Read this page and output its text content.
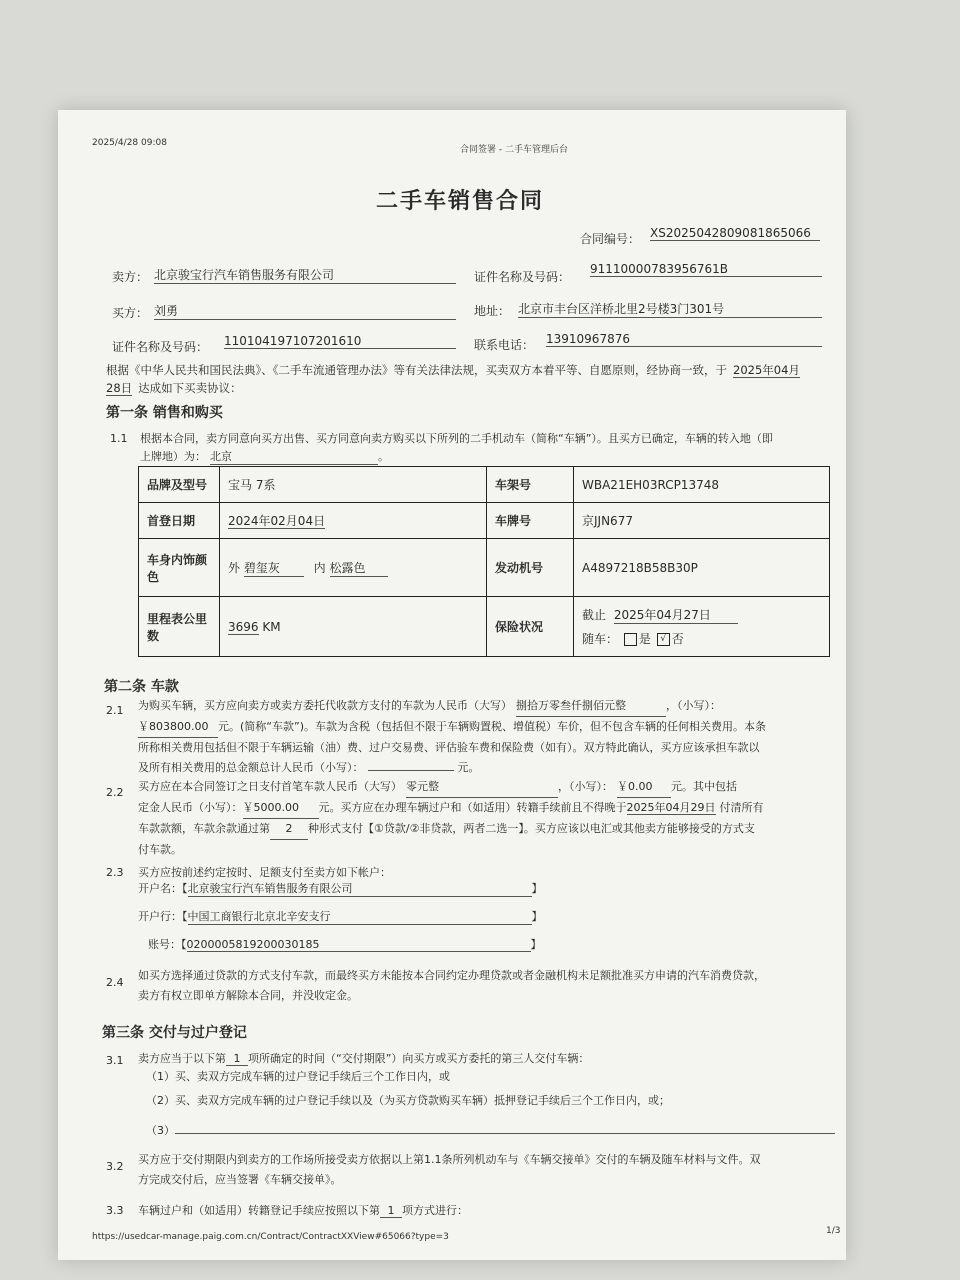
2025/4/28 09:08
合同签署 - 二手车管理后台
二手车销售合同
合同编号： XS2025042809081865066
卖方： 北京骏宝行汽车销售服务有限公司	证件名称及号码：
91110000783956761B
买方： 刘勇	地址： 北京市丰台区洋桥北里2号楼3门301号
证件名称及号码： 110104197107201610	联系电话： 13910967876
根据《中华人民共和国民法典》、《二手车流通管理办法》等有关法律法规，买卖双方本着平等、自愿原则，经协商一致，于 2025年04月
28日 达成如下买卖协议：
第一条 销售和购买
1.1 根据本合同，卖方同意向买方出售、买方同意向卖方购买以下所列的二手机动车（简称“车辆”）。且买方已确定，车辆的转入地（即
上牌地）为： 北京	。
品牌及型号	宝马 7系	车架号	WBA21EH03RCP13748
首登日期	2024年02月04日	车牌号	京JJN677
车身内饰颜色	外 碧玺灰 内 松露色	发动机号	A4897218B58B30P
里程表公里数	3696 KM	保险状况	截止 2025年04月27日
随车： 是 √ 否
第二条 车款
2.1 为购买车辆，买方应向卖方或卖方委托代收款方支付的车款为人民币（大写） 捌拾万零叁仟捌佰元整	，（小写）：
￥803800.00 元。(简称“车款”)。车款为含税（包括但不限于车辆购置税、增值税）车价，但不包含车辆的任何相关费用。本条
所称相关费用包括但不限于车辆运输（油）费、过户交易费、评估验车费和保险费（如有）。双方特此确认，买方应该承担车款以
及所有相关费用的总金额总计人民币（小写）：	元。
2.2 买方应在本合同签订之日支付首笔车款人民币（大写） 零元整	，（小写）： ￥0.00 元。其中包括
定金人民币（小写）：￥5000.00 元。买方应在办理车辆过户和（如适用）转籍手续前且不得晚于2025年04月29日 付清所有
车款款额，车款余款通过第 2 种形式支付【①贷款/②非贷款，两者二选一】。买方应该以电汇或其他卖方能够接受的方式支
付车款。
2.3 买方应按前述约定按时、足额支付至卖方如下帐户：
开户名：【北京骏宝行汽车销售服务有限公司	】
开户行：【中国工商银行北京北辛安支行	】
账号：【0200005819200030185	】
2.4
如买方选择通过贷款的方式支付车款，而最终买方未能按本合同约定办理贷款或者金融机构未足额批准买方申请的汽车消费贷款，
卖方有权立即单方解除本合同，并没收定金。
第三条 交付与过户登记
3.1 卖方应当于以下第 1 项所确定的时间（“交付期限”）向买方或买方委托的第三人交付车辆：
（1）买、卖双方完成车辆的过户登记手续后三个工作日内，或
（2）买、卖双方完成车辆的过户登记手续以及（为买方贷款购买车辆）抵押登记手续后三个工作日内，或；
（3）
3.2
买方应于交付期限内到卖方的工作场所接受卖方依据以上第1.1条所列机动车与《车辆交接单》交付的车辆及随车材料与文件。双
方完成交付后，应当签署《车辆交接单》。
3.3 车辆过户和（如适用）转籍登记手续应按照以下第 1 项方式进行：
https://usedcar-manage.paig.com.cn/Contract/ContractXXView#65066?type=3
1/3
